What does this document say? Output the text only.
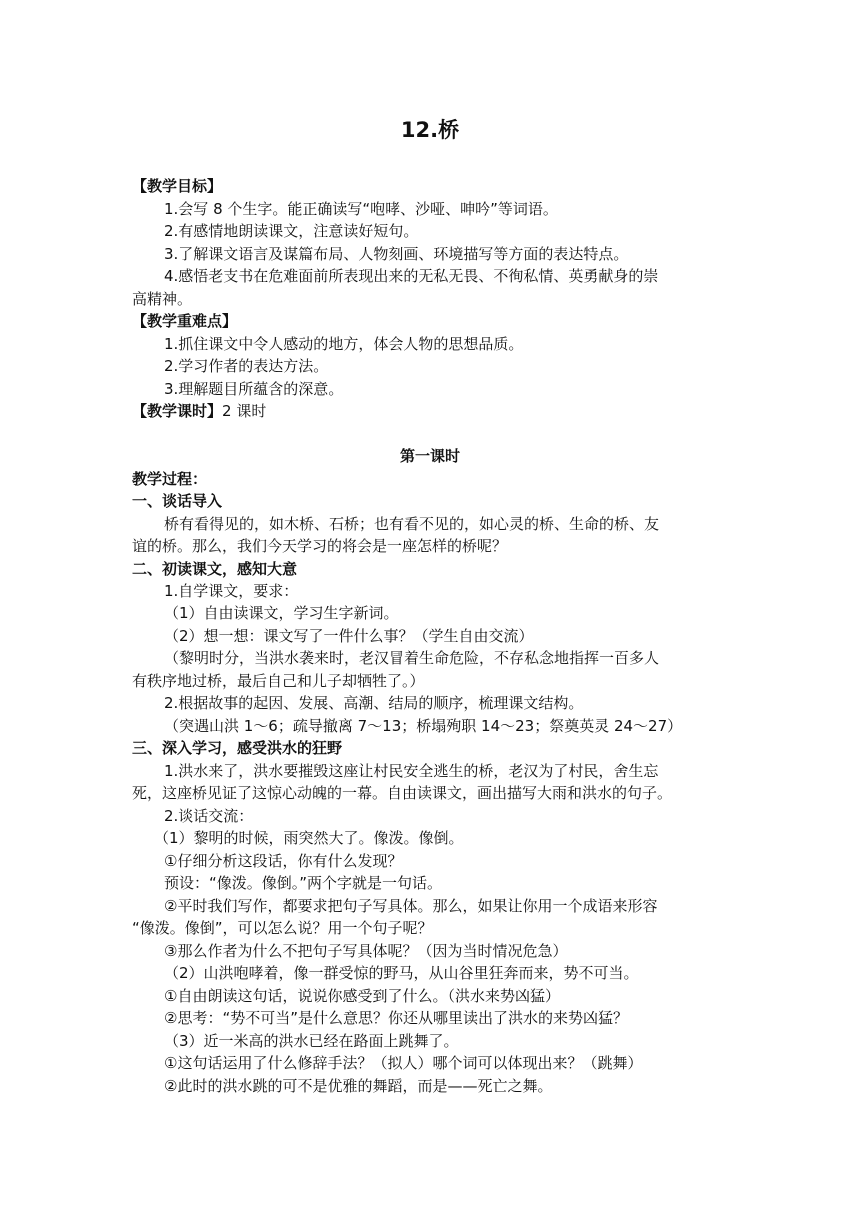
12.桥
【教学目标】
1.会写 8 个生字。能正确读写“咆哮、沙哑、呻吟”等词语。
2.有感情地朗读课文，注意读好短句。
3.了解课文语言及谋篇布局、人物刻画、环境描写等方面的表达特点。
4.感悟老支书在危难面前所表现出来的无私无畏、不徇私情、英勇献身的崇
高精神。
【教学重难点】
1.抓住课文中令人感动的地方，体会人物的思想品质。
2.学习作者的表达方法。
3.理解题目所蕴含的深意。
【教学课时】2 课时
第一课时
教学过程：
一、谈话导入
桥有看得见的，如木桥、石桥；也有看不见的，如心灵的桥、生命的桥、友
谊的桥。那么，我们今天学习的将会是一座怎样的桥呢？
二、初读课文，感知大意
1.自学课文，要求：
（1）自由读课文，学习生字新词。
（2）想一想：课文写了一件什么事？（学生自由交流）
（黎明时分，当洪水袭来时，老汉冒着生命危险，不存私念地指挥一百多人
有秩序地过桥，最后自己和儿子却牺牲了。）
2.根据故事的起因、发展、高潮、结局的顺序，梳理课文结构。
（突遇山洪 1～6；疏导撤离 7～13；桥塌殉职 14～23；祭奠英灵 24～27）
三、深入学习，感受洪水的狂野
1.洪水来了，洪水要摧毁这座让村民安全逃生的桥，老汉为了村民，舍生忘
死，这座桥见证了这惊心动魄的一幕。自由读课文，画出描写大雨和洪水的句子。
2.谈话交流：
（1）黎明的时候，雨突然大了。像泼。像倒。
①仔细分析这段话，你有什么发现？
预设：“像泼。像倒。”两个字就是一句话。
②平时我们写作，都要求把句子写具体。那么，如果让你用一个成语来形容
“像泼。像倒”，可以怎么说？用一个句子呢？
③那么作者为什么不把句子写具体呢？（因为当时情况危急）
（2）山洪咆哮着，像一群受惊的野马，从山谷里狂奔而来，势不可当。
①自由朗读这句话，说说你感受到了什么。（洪水来势凶猛）
②思考：“势不可当”是什么意思？你还从哪里读出了洪水的来势凶猛？
（3）近一米高的洪水已经在路面上跳舞了。
①这句话运用了什么修辞手法？（拟人）哪个词可以体现出来？（跳舞）
②此时的洪水跳的可不是优雅的舞蹈，而是——死亡之舞。
